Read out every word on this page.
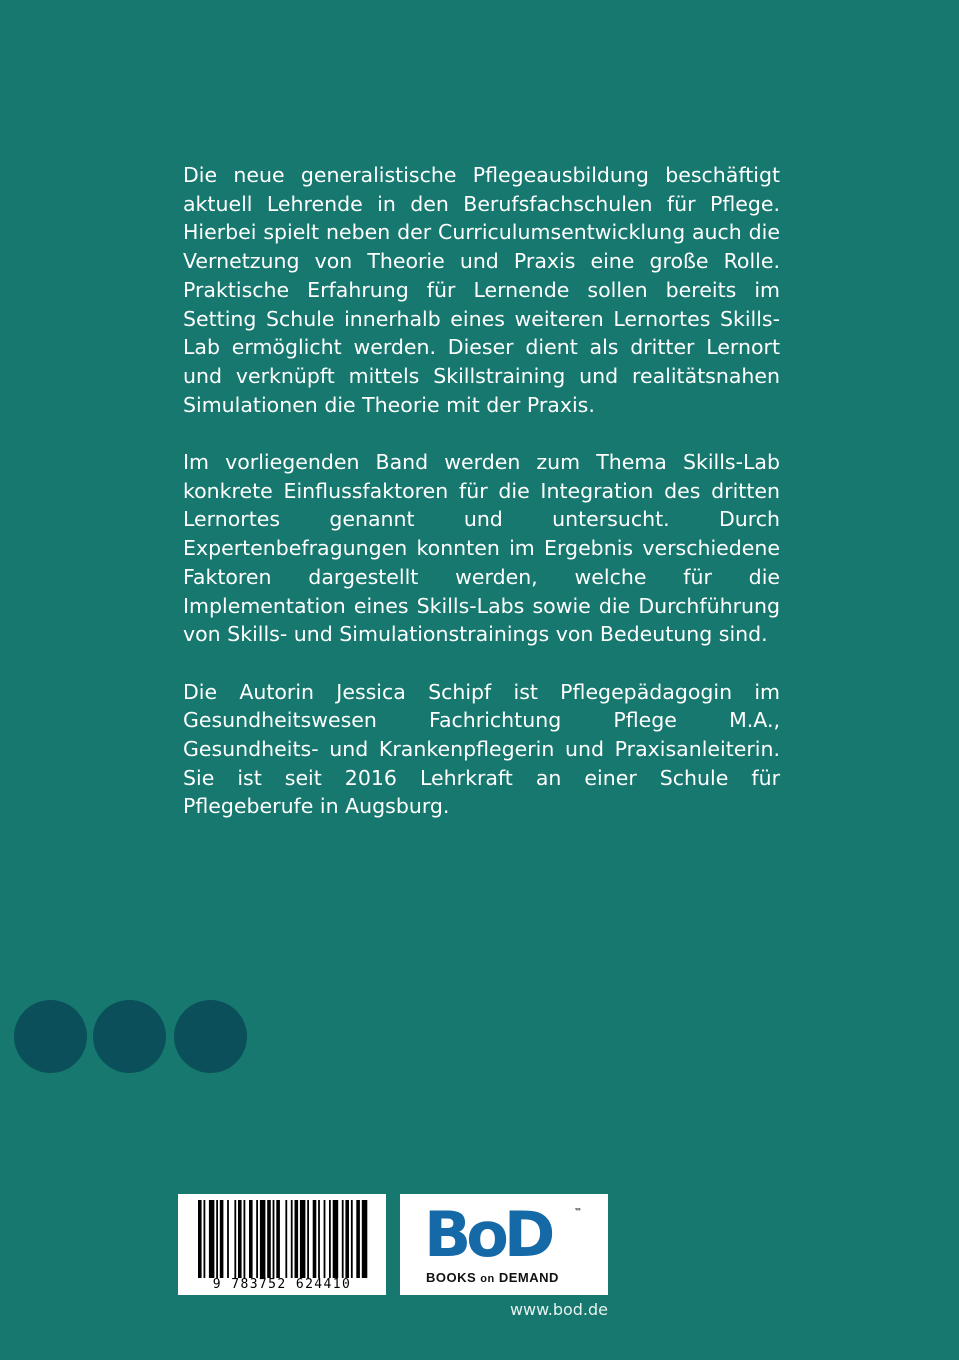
Die neue generalistische Pflegeausbildung beschäftigt aktuell Lehrende in den Berufsfachschulen für Pflege. Hierbei spielt neben der Curriculumsentwicklung auch die Vernetzung von Theorie und Praxis eine große Rolle. Praktische Erfahrung für Lernende sollen bereits im Setting Schule innerhalb eines weiteren Lernortes Skills-Lab ermöglicht werden. Dieser dient als dritter Lernort und verknüpft mittels Skillstraining und realitätsnahen Simulationen die Theorie mit der Praxis.

Im vorliegenden Band werden zum Thema Skills-Lab konkrete Einflussfaktoren für die Integration des dritten Lernortes genannt und untersucht. Durch Expertenbefragungen konnten im Ergebnis verschiedene Faktoren dargestellt werden, welche für die Implementation eines Skills-Labs sowie die Durchführung von Skills- und Simulationstrainings von Bedeutung sind.

Die Autorin Jessica Schipf ist Pflegepädagogin im Gesundheitswesen Fachrichtung Pflege M.A., Gesundheits- und Krankenpflegerin und Praxisanleiterin. Sie ist seit 2016 Lehrkraft an einer Schule für Pflegeberufe in Augsburg.

9 783752 624410
BoD	™
BOOKS on DEMAND
www.bod.de
